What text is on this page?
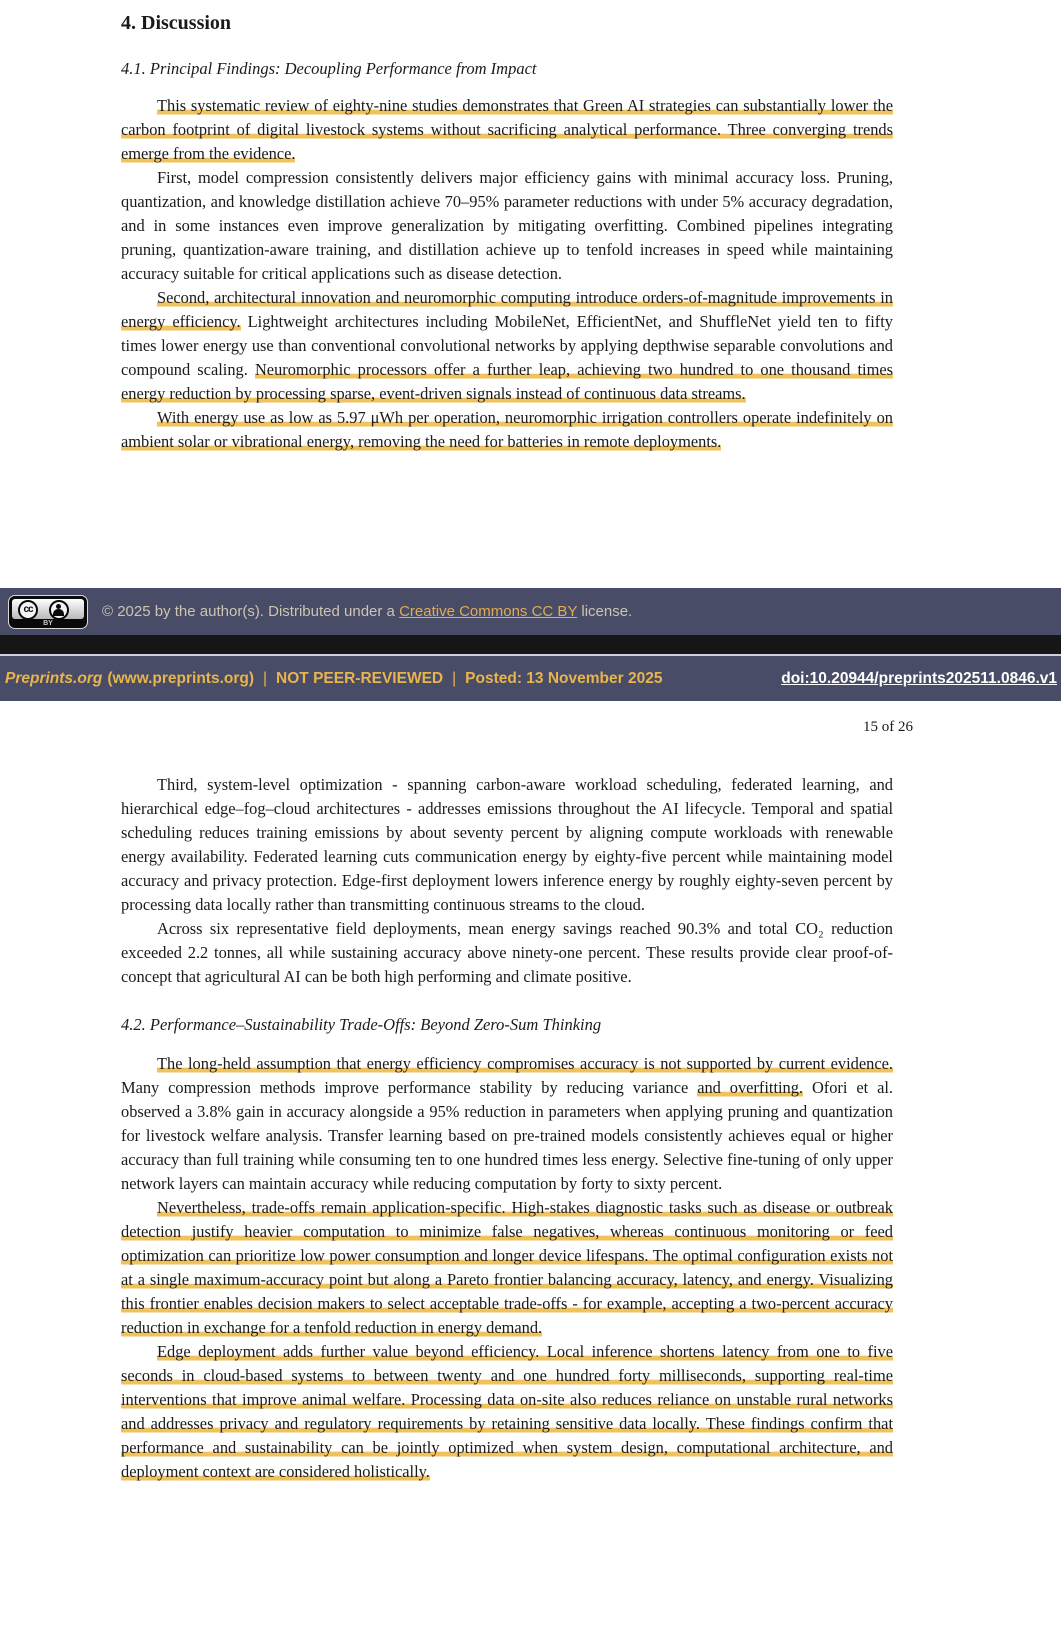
4. Discussion
4.1. Principal Findings: Decoupling Performance from Impact

This systematic review of eighty-nine studies demonstrates that Green AI strategies can substantially lower the carbon footprint of digital livestock systems without sacrificing analytical performance. Three converging trends emerge from the evidence.

First, model compression consistently delivers major efficiency gains with minimal accuracy loss. Pruning, quantization, and knowledge distillation achieve 70–95% parameter reductions with under 5% accuracy degradation, and in some instances even improve generalization by mitigating overfitting. Combined pipelines integrating pruning, quantization-aware training, and distillation achieve up to tenfold increases in speed while maintaining accuracy suitable for critical applications such as disease detection.

Second, architectural innovation and neuromorphic computing introduce orders-of-magnitude improvements in energy efficiency. Lightweight architectures including MobileNet, EfficientNet, and ShuffleNet yield ten to fifty times lower energy use than conventional convolutional networks by applying depthwise separable convolutions and compound scaling. Neuromorphic processors offer a further leap, achieving two hundred to one thousand times energy reduction by processing sparse, event-driven signals instead of continuous data streams.

With energy use as low as 5.97 μWh per operation, neuromorphic irrigation controllers operate indefinitely on ambient solar or vibrational energy, removing the need for batteries in remote deployments.

cc
BY
© 2025 by the author(s). Distributed under a Creative Commons CC BY license.
Preprints.org (www.preprints.org) | NOT PEER-REVIEWED | Posted: 13 November 2025	doi:10.20944/preprints202511.0846.v1
15 of 26

Third, system-level optimization - spanning carbon-aware workload scheduling, federated learning, and hierarchical edge–fog–cloud architectures - addresses emissions throughout the AI lifecycle. Temporal and spatial scheduling reduces training emissions by about seventy percent by aligning compute workloads with renewable energy availability. Federated learning cuts communication energy by eighty-five percent while maintaining model accuracy and privacy protection. Edge-first deployment lowers inference energy by roughly eighty-seven percent by processing data locally rather than transmitting continuous streams to the cloud.

Across six representative field deployments, mean energy savings reached 90.3% and total CO₂ reduction exceeded 2.2 tonnes, all while sustaining accuracy above ninety-one percent. These results provide clear proof-of-concept that agricultural AI can be both high performing and climate positive.

4.2. Performance–Sustainability Trade-Offs: Beyond Zero-Sum Thinking

The long-held assumption that energy efficiency compromises accuracy is not supported by current evidence. Many compression methods improve performance stability by reducing variance and overfitting. Ofori et al. observed a 3.8% gain in accuracy alongside a 95% reduction in parameters when applying pruning and quantization for livestock welfare analysis. Transfer learning based on pre-trained models consistently achieves equal or higher accuracy than full training while consuming ten to one hundred times less energy. Selective fine-tuning of only upper network layers can maintain accuracy while reducing computation by forty to sixty percent.

Nevertheless, trade-offs remain application-specific. High-stakes diagnostic tasks such as disease or outbreak detection justify heavier computation to minimize false negatives, whereas continuous monitoring or feed optimization can prioritize low power consumption and longer device lifespans. The optimal configuration exists not at a single maximum-accuracy point but along a Pareto frontier balancing accuracy, latency, and energy. Visualizing this frontier enables decision makers to select acceptable trade-offs - for example, accepting a two-percent accuracy reduction in exchange for a tenfold reduction in energy demand.

Edge deployment adds further value beyond efficiency. Local inference shortens latency from one to five seconds in cloud-based systems to between twenty and one hundred forty milliseconds, supporting real-time interventions that improve animal welfare. Processing data on-site also reduces reliance on unstable rural networks and addresses privacy and regulatory requirements by retaining sensitive data locally. These findings confirm that performance and sustainability can be jointly optimized when system design, computational architecture, and deployment context are considered holistically.
